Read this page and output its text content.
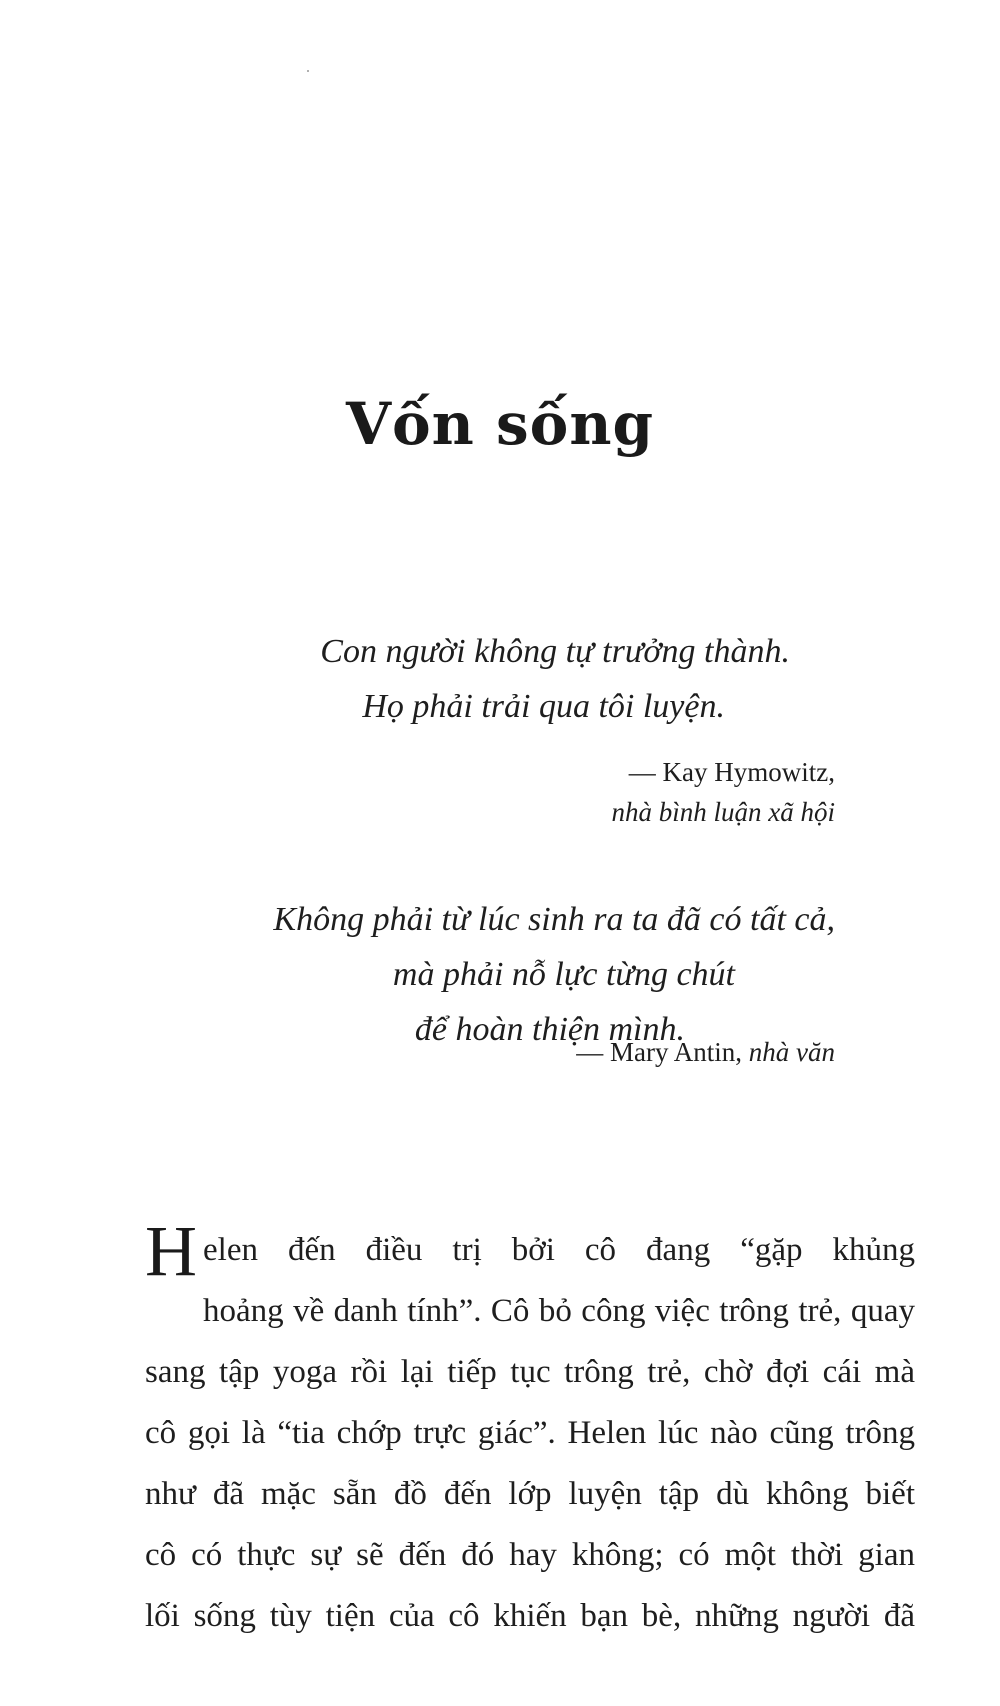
Vốn sống

Con người không tự trưởng thành.
Họ phải trải qua tôi luyện.

— Kay Hymowitz,
nhà bình luận xã hội

Không phải từ lúc sinh ra ta đã có tất cả,
mà phải nỗ lực từng chút
để hoàn thiện mình.

— Mary Antin, nhà văn
H elen đến điều trị bởi cô đang “gặp khủng
hoảng về danh tính”. Cô bỏ công việc trông trẻ, quay
sang tập yoga rồi lại tiếp tục trông trẻ, chờ đợi cái mà
cô gọi là “tia chớp trực giác”. Helen lúc nào cũng trông
như đã mặc sẵn đồ đến lớp luyện tập dù không biết
cô có thực sự sẽ đến đó hay không; có một thời gian
lối sống tùy tiện của cô khiến bạn bè, những người đã
